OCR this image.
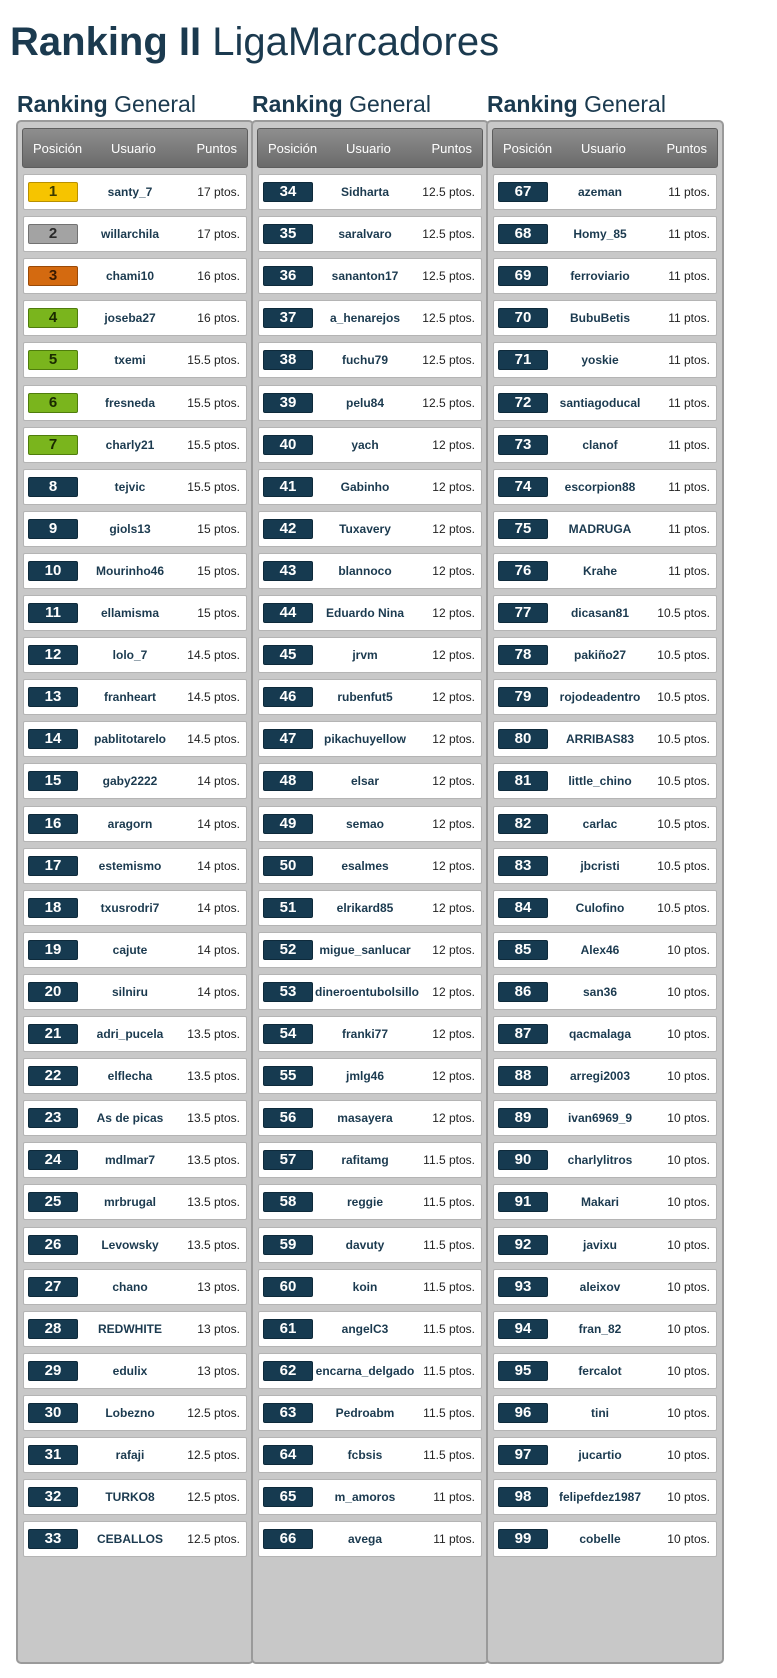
Ranking II LigaMarcadores
Ranking General
Posición Usuario	Puntos
1	santy_7	17 ptos.
2	willarchila	17 ptos.
3	chami10	16 ptos.
4	joseba27	16 ptos.
5	txemi	15.5 ptos.
6	fresneda	15.5 ptos.
7	charly21	15.5 ptos.
8	tejvic	15.5 ptos.
9	giols13	15 ptos.
10	Mourinho46	15 ptos.
11	ellamisma	15 ptos.
12	lolo_7	14.5 ptos.
13	franheart	14.5 ptos.
14	pablitotarelo	14.5 ptos.
15	gaby2222	14 ptos.
16	aragorn	14 ptos.
17	estemismo	14 ptos.
18	txusrodri7	14 ptos.
19	cajute	14 ptos.
20	silniru	14 ptos.
21	adri_pucela	13.5 ptos.
22	elflecha	13.5 ptos.
23	As de picas	13.5 ptos.
24	mdlmar7	13.5 ptos.
25	mrbrugal	13.5 ptos.
26	Levowsky	13.5 ptos.
27	chano	13 ptos.
28	REDWHITE	13 ptos.
29	edulix	13 ptos.
30	Lobezno	12.5 ptos.
31	rafaji	12.5 ptos.
32	TURKO8	12.5 ptos.
33	CEBALLOS	12.5 ptos.
Ranking General
Posición Usuario	Puntos
34	Sidharta	12.5 ptos.
35	saralvaro	12.5 ptos.
36	sananton17	12.5 ptos.
37	a_henarejos	12.5 ptos.
38	fuchu79	12.5 ptos.
39	pelu84	12.5 ptos.
40	yach	12 ptos.
41	Gabinho	12 ptos.
42	Tuxavery	12 ptos.
43	blannoco	12 ptos.
44	Eduardo Nina	12 ptos.
45	jrvm	12 ptos.
46	rubenfut5	12 ptos.
47	pikachuyellow	12 ptos.
48	elsar	12 ptos.
49	semao	12 ptos.
50	esalmes	12 ptos.
51	elrikard85	12 ptos.
52	migue_sanlucar	12 ptos.
53	dineroentubolsillo 12 ptos.
54	franki77	12 ptos.
55	jmlg46	12 ptos.
56	masayera	12 ptos.
57	rafitamg	11.5 ptos.
58	reggie	11.5 ptos.
59	davuty	11.5 ptos.
60	koin	11.5 ptos.
61	angelC3	11.5 ptos.
62	encarna_delgado 11.5 ptos.
63	Pedroabm	11.5 ptos.
64	fcbsis	11.5 ptos.
65	m_amoros	11 ptos.
66	avega	11 ptos.
Ranking General
Posición Usuario	Puntos
67	azeman	11 ptos.
68	Homy_85	11 ptos.
69	ferroviario	11 ptos.
70	BubuBetis	11 ptos.
71	yoskie	11 ptos.
72	santiagoducal	11 ptos.
73	clanof	11 ptos.
74	escorpion88	11 ptos.
75	MADRUGA	11 ptos.
76	Krahe	11 ptos.
77	dicasan81	10.5 ptos.
78	pakiño27	10.5 ptos.
79	rojodeadentro	10.5 ptos.
80	ARRIBAS83	10.5 ptos.
81	little_chino	10.5 ptos.
82	carlac	10.5 ptos.
83	jbcristi	10.5 ptos.
84	Culofino	10.5 ptos.
85	Alex46	10 ptos.
86	san36	10 ptos.
87	qacmalaga	10 ptos.
88	arregi2003	10 ptos.
89	ivan6969_9	10 ptos.
90	charlylitros	10 ptos.
91	Makari	10 ptos.
92	javixu	10 ptos.
93	aleixov	10 ptos.
94	fran_82	10 ptos.
95	fercalot	10 ptos.
96	tini	10 ptos.
97	jucartio	10 ptos.
98	felipefdez1987	10 ptos.
99	cobelle	10 ptos.
